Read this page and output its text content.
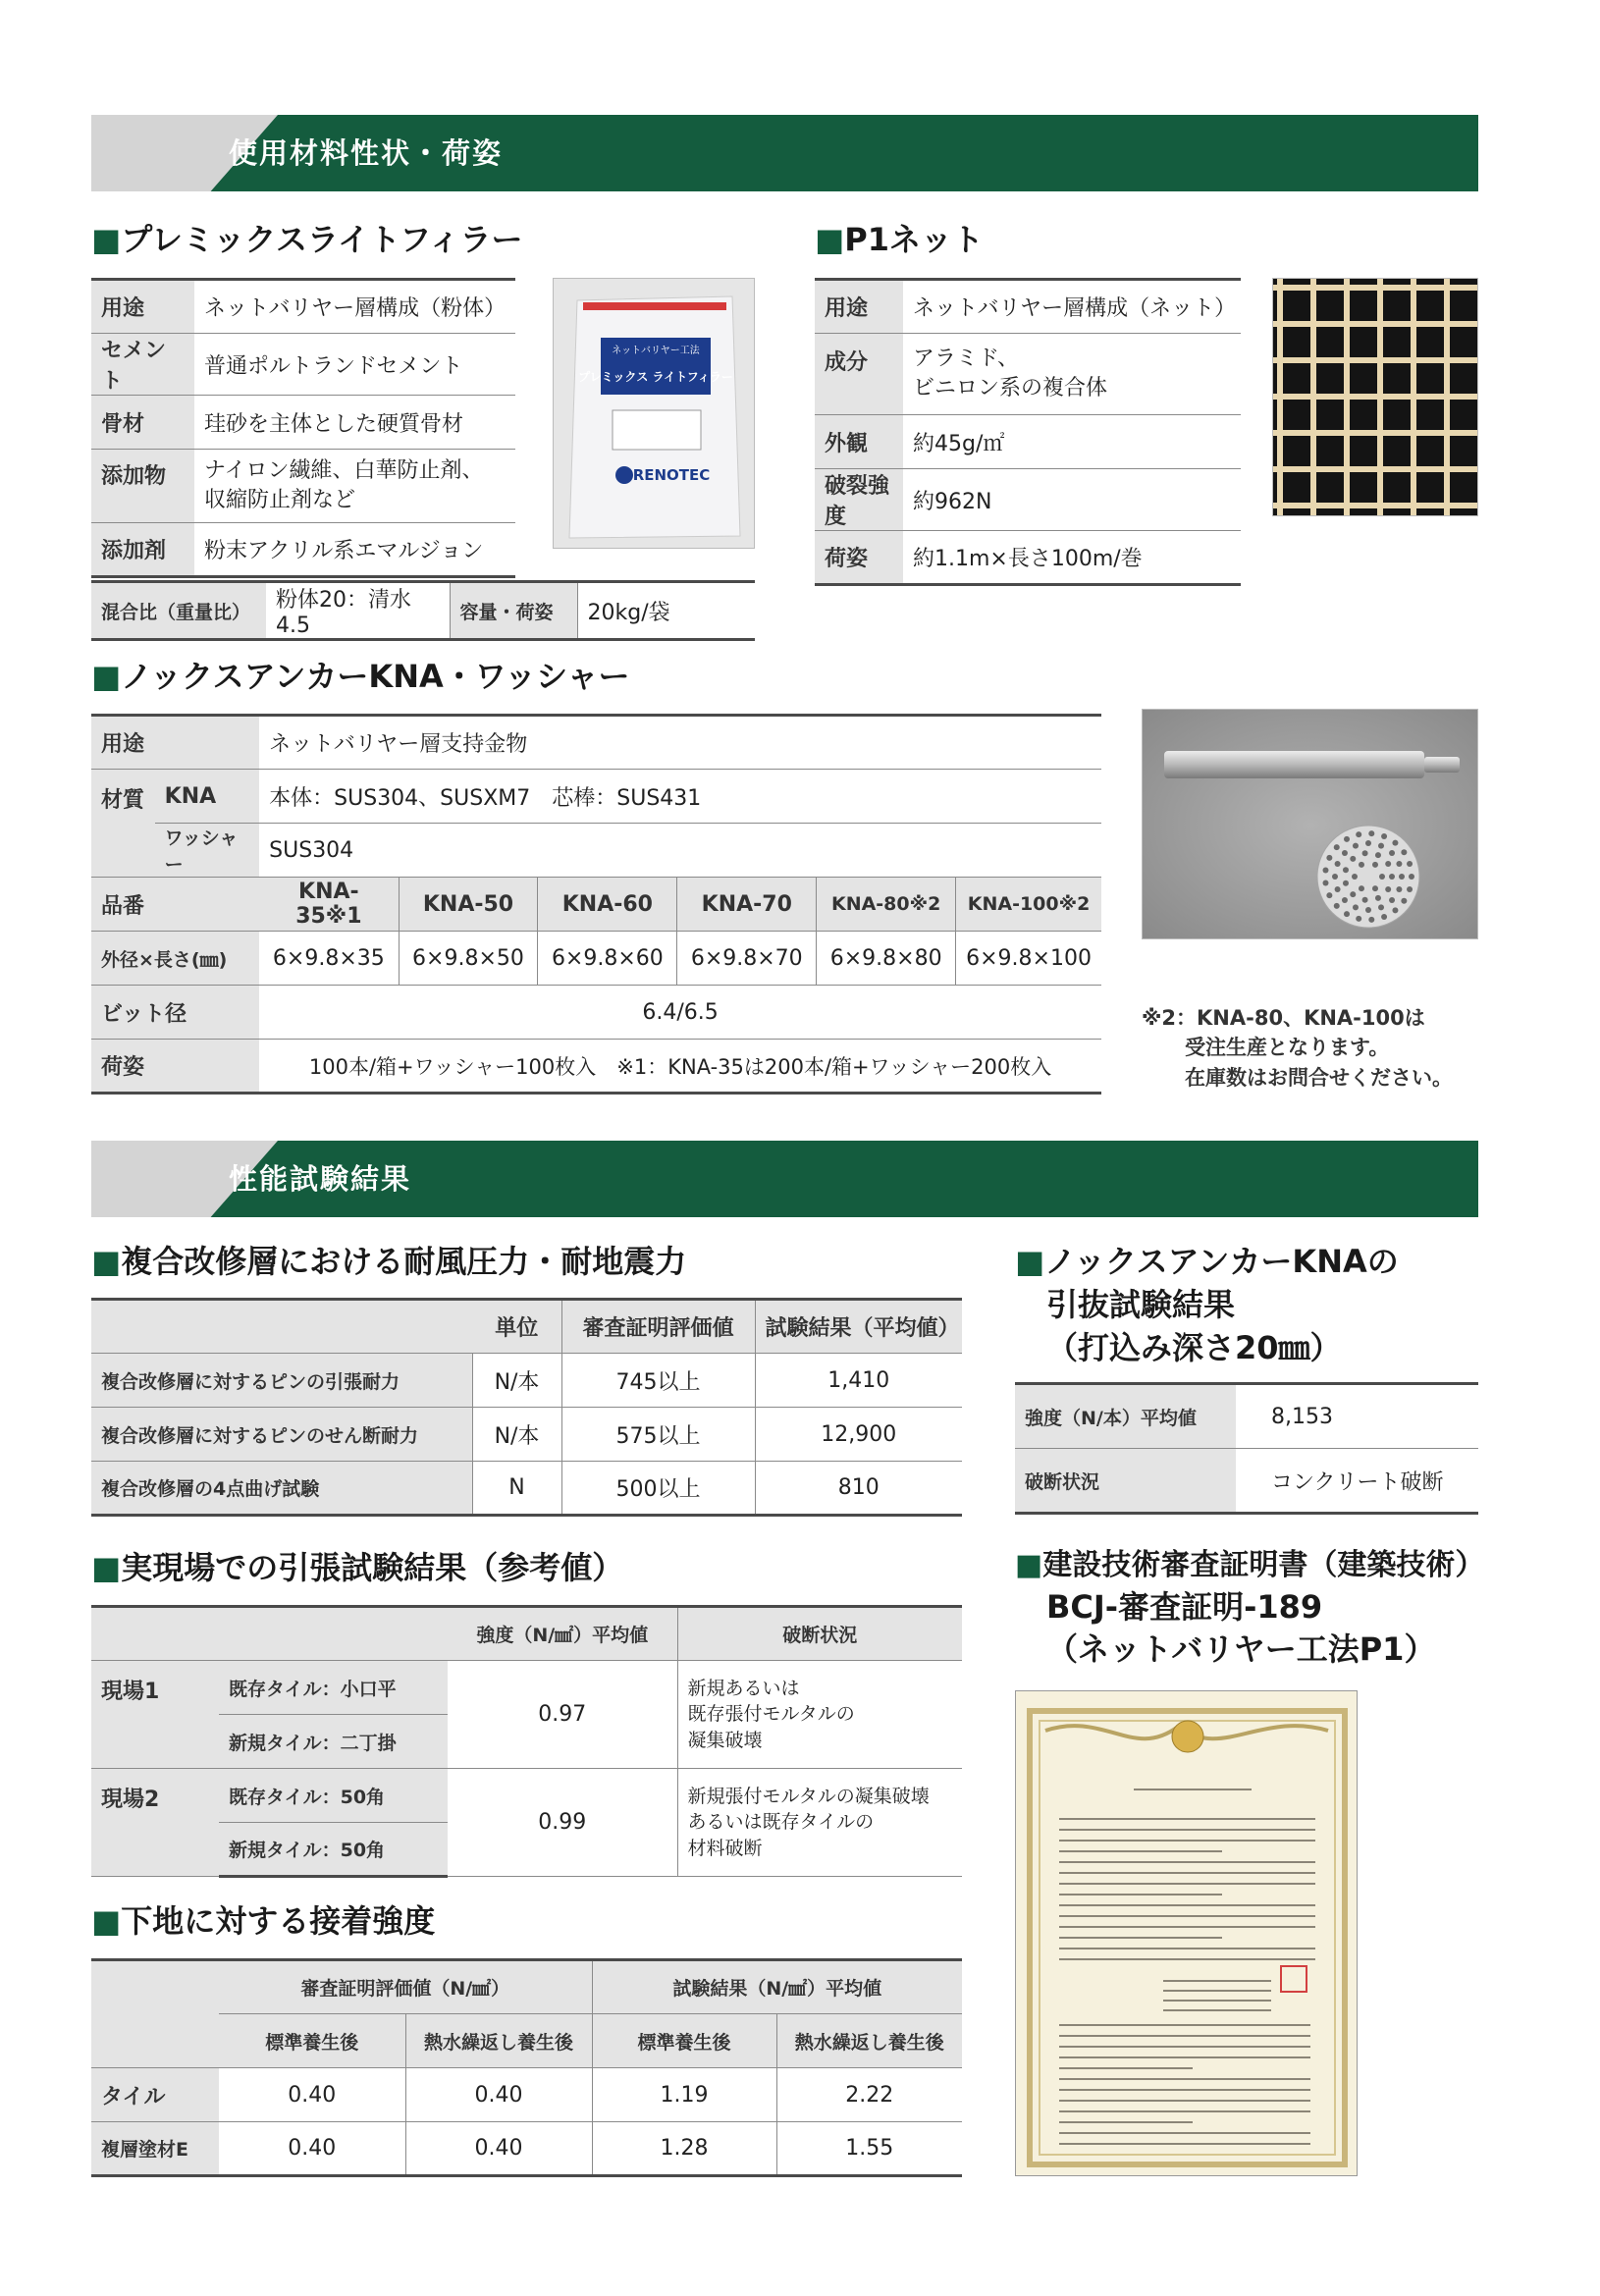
使用材料性状・荷姿
■プレミックスライトフィラー
用途	ネットバリヤー層構成（粉体）
セメント	普通ポルトランドセメント
骨材	珪砂を主体とした硬質骨材
添加物	ナイロン繊維、白華防止剤、
収縮防止剤など
添加剤	粉末アクリル系エマルジョン
混合比（重量比）	粉体20：清水4.5	容量・荷姿	20kg/袋
ネットバリヤー工法
プレミックス ライトフィラー
RENOTEC
■P1ネット
用途	ネットバリヤー層構成（ネット）
成分	アラミド、
ビニロン系の複合体
外観	約45g/㎡
破裂強度	約962N
荷姿	約1.1m×長さ100m/巻
■ノックスアンカーKNA・ワッシャー
用途		ネットバリヤー層支持金物					
材質	KNA	本体：SUS304、SUSXM7　芯棒：SUS431					
	ワッシャー	SUS304					
品番		KNA-35※1	KNA-50	KNA-60	KNA-70	KNA-80※2	KNA-100※2
外径×長さ(㎜)		6×9.8×35	6×9.8×50	6×9.8×60	6×9.8×70	6×9.8×80	6×9.8×100
ビット径		6.4/6.5					
荷姿		100本/箱+ワッシャー100枚入　※1：KNA-35は200本/箱+ワッシャー200枚入					
※2：KNA-80、KNA-100は
受注生産となります。
在庫数はお問合せください。
性能試験結果
■複合改修層における耐風圧力・耐地震力
	単位	審査証明評価値	試験結果（平均値）
複合改修層に対するピンの引張耐力	N/本	745以上	1,410
複合改修層に対するピンのせん断耐力	N/本	575以上	12,900
複合改修層の4点曲げ試験	N	500以上	810
■実現場での引張試験結果（参考値）
		強度（N/㎟）平均値	破断状況
現場1	既存タイル：小口平	0.97	新規あるいは
既存張付モルタルの
凝集破壊
	新規タイル：二丁掛		
現場2	既存タイル：50角	0.99	新規張付モルタルの凝集破壊
あるいは既存タイルの
材料破断
	新規タイル：50角		
■下地に対する接着強度
	審査証明評価値（N/㎟）		試験結果（N/㎟）平均値	
	標準養生後	熱水繰返し養生後	標準養生後	熱水繰返し養生後
タイル	0.40	0.40	1.19	2.22
複層塗材E	0.40	0.40	1.28	1.55
■ノックスアンカーKNAの
引抜試験結果
（打込み深さ20㎜）
強度（N/本）平均値	8,153
破断状況	コンクリート破断
■建設技術審査証明書（建築技術）
BCJ-審査証明-189
（ネットバリヤー工法P1）
